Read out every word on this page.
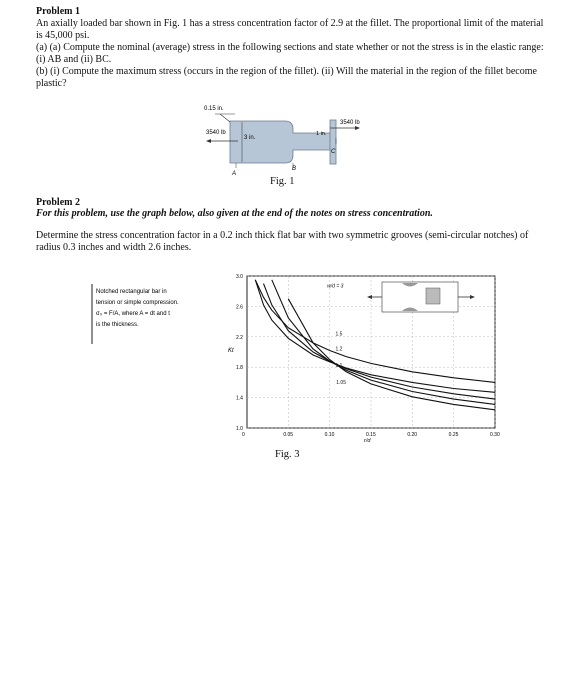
Problem 1
An axially loaded bar shown in Fig. 1 has a stress concentration factor of 2.9 at the fillet. The proportional limit of the material is 45,000 psi.
(a) (a) Compute the nominal (average) stress in the following sections and state whether or not the stress is in the elastic range: (i) AB and (ii) BC.
(b) (i) Compute the maximum stress (occurs in the region of the fillet). (ii) Will the material in the region of the fillet become plastic?
0.15 in.
3540 lb
3 in.
1 in.
3540 lb
A
B
C
Fig. 1
Problem 2
For this problem, use the graph below, also given at the end of the notes on stress concentration.
Determine the stress concentration factor in a 0.2 inch thick flat bar with two symmetric grooves (semi-circular notches) of radius 0.3 inches and width 2.6 inches.
Notched rectangular bar in
tension or simple compression.
σ₀ = F/A, where A = dt and t
is the thickness.
Kt
r/d
0	0.05	0.10	0.15	0.20	0.25	0.30
1.0
1.4
1.8
2.2
2.6
3.0
w/d = 3
1.5
1.2
1.1
1.05
Fig. 3
